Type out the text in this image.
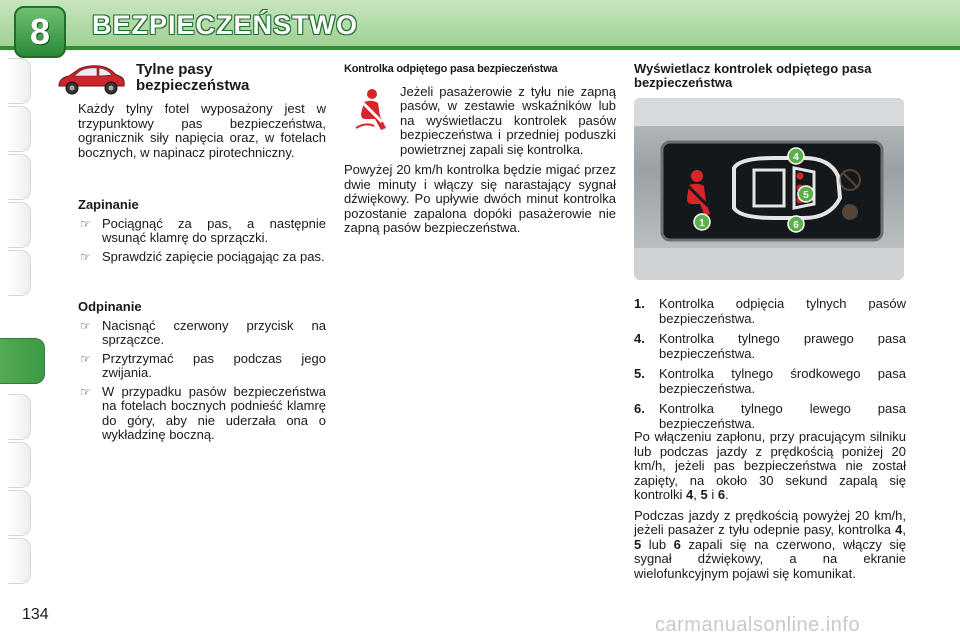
8	BEZPIECZEŃSTWO
Tylne pasy bezpieczeństwa

Każdy tylny fotel wyposażony jest w trzypunktowy pas bezpieczeństwa, ogranicznik siły napięcia oraz, w fotelach bocznych, w napinacz pirotechniczny.

Zapinanie
☞ Pociągnąć za pas, a następnie wsunąć klamrę do sprzączki.
☞ Sprawdzić zapięcie pociągając za pas.
Odpinanie
☞ Nacisnąć czerwony przycisk na sprzączce.
☞ Przytrzymać pas podczas jego zwijania.
☞ W przypadku pasów bezpieczeństwa na fotelach bocznych podnieść klamrę do góry, aby nie uderzała ona o wykładzinę boczną.
Kontrolka odpiętego pasa bezpieczeństwa

Jeżeli pasażerowie z tyłu nie zapną pasów, w zestawie wskaźników lub na wyświetlaczu kontrolek pasów bezpieczeństwa i przedniej poduszki powietrznej zapali się kontrolka.

Powyżej 20 km/h kontrolka będzie migać przez dwie minuty i włączy się narastający sygnał dźwiękowy. Po upływie dwóch minut kontrolka pozostanie zapalona dopóki pasażerowie nie zapną pasów bezpieczeństwa.

Wyświetlacz kontrolek odpiętego pasa bezpieczeństwa
4
5
1	6
1. Kontrolka odpięcia tylnych pasów bezpieczeństwa.
4. Kontrolka tylnego prawego pasa bezpieczeństwa.
5. Kontrolka tylnego środkowego pasa bezpieczeństwa.
6. Kontrolka tylnego lewego pasa bezpieczeństwa.

Po włączeniu zapłonu, przy pracującym silniku lub podczas jazdy z prędkością poniżej 20 km/h, jeżeli pas bezpieczeństwa nie został zapięty, na około 30 sekund zapalą się kontrolki 4, 5 i 6.

Podczas jazdy z prędkością powyżej 20 km/h, jeżeli pasażer z tyłu odepnie pasy, kontrolka 4, 5 lub 6 zapali się na czerwono, włączy się sygnał dźwiękowy, a na ekranie wielofunkcyjnym pojawi się komunikat.

134	carmanualsonline.info
